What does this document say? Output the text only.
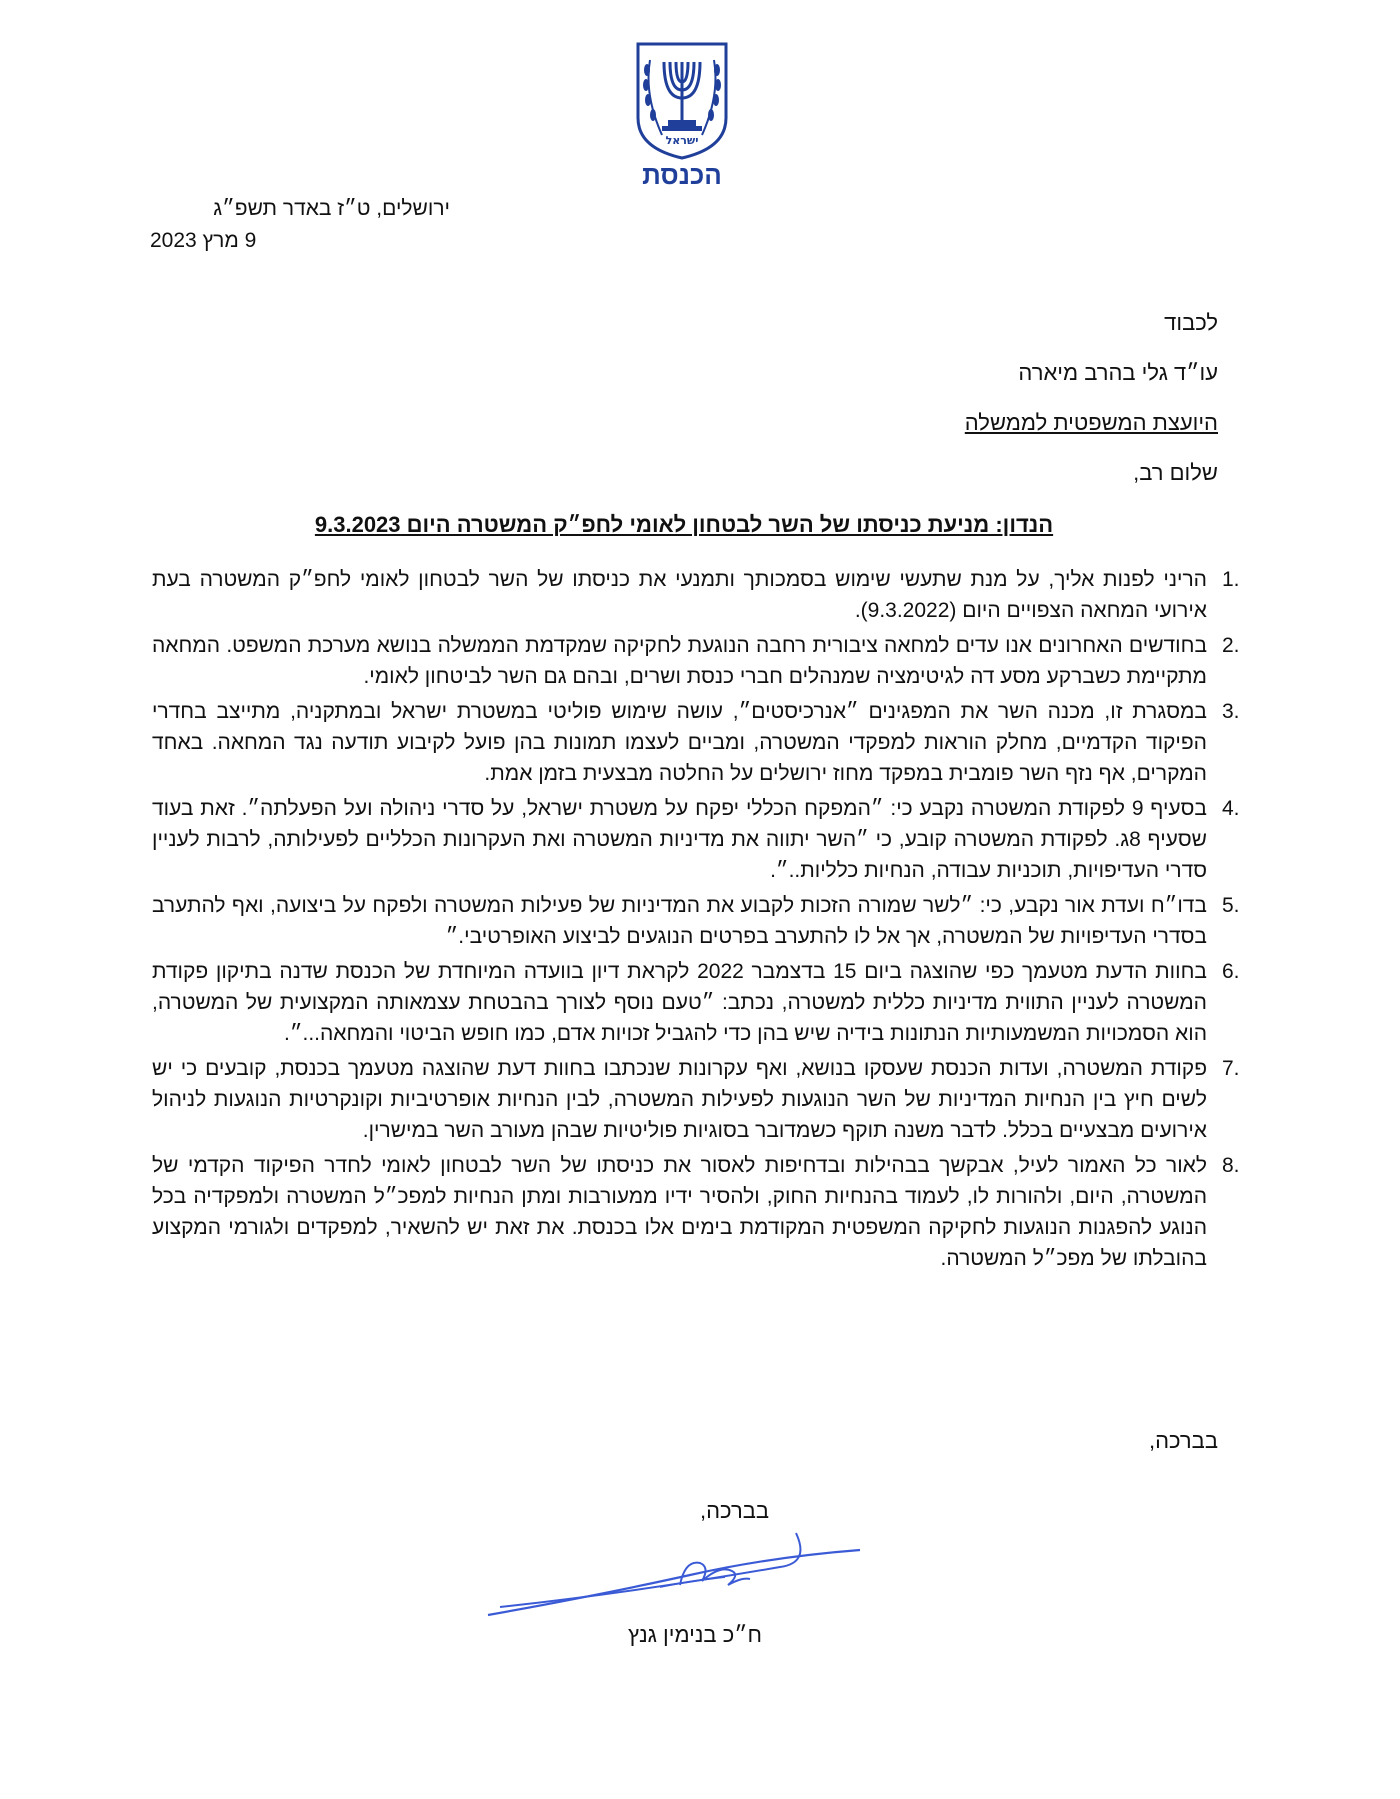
ישראל
הכנסת
ירושלים, ט״ז באדר תשפ״ג
9 מרץ 2023
לכבוד
עו״ד גלי בהרב מיארה
היועצת המשפטית לממשלה
שלום רב,
הנדון: מניעת כניסתו של השר לבטחון לאומי לחפ״ק המשטרה היום 9.3.2023
1.
הריני לפנות אליך, על מנת שתעשי שימוש בסמכותך ותמנעי את כניסתו של השר לבטחון לאומי לחפ״ק המשטרה בעת אירועי המחאה הצפויים היום (9.3.2022).
2.
בחודשים האחרונים אנו עדים למחאה ציבורית רחבה הנוגעת לחקיקה שמקדמת הממשלה בנושא מערכת המשפט. המחאה מתקיימת כשברקע מסע דה לגיטימציה שמנהלים חברי כנסת ושרים, ובהם גם השר לביטחון לאומי.
3.
במסגרת זו, מכנה השר את המפגינים ״אנרכיסטים״, עושה שימוש פוליטי במשטרת ישראל ובמתקניה, מתייצב בחדרי הפיקוד הקדמיים, מחלק הוראות למפקדי המשטרה, ומביים לעצמו תמונות בהן פועל לקיבוע תודעה נגד המחאה. באחד המקרים, אף נזף השר פומבית במפקד מחוז ירושלים על החלטה מבצעית בזמן אמת.
4.
בסעיף 9 לפקודת המשטרה נקבע כי: ״המפקח הכללי יפקח על משטרת ישראל, על סדרי ניהולה ועל הפעלתה״. זאת בעוד שסעיף 8ג. לפקודת המשטרה קובע, כי ״השר יתווה את מדיניות המשטרה ואת העקרונות הכלליים לפעילותה, לרבות לעניין סדרי העדיפויות, תוכניות עבודה, הנחיות כלליות..״.
5.
בדו״ח ועדת אור נקבע, כי: ״לשר שמורה הזכות לקבוע את המדיניות של פעילות המשטרה ולפקח על ביצועה, ואף להתערב בסדרי העדיפויות של המשטרה, אך אל לו להתערב בפרטים הנוגעים לביצוע האופרטיבי.״
6.
בחוות הדעת מטעמך כפי שהוצגה ביום 15 בדצמבר 2022 לקראת דיון בוועדה המיוחדת של הכנסת שדנה בתיקון פקודת המשטרה לעניין התווית מדיניות כללית למשטרה, נכתב: ״טעם נוסף לצורך בהבטחת עצמאותה המקצועית של המשטרה, הוא הסמכויות המשמעותיות הנתונות בידיה שיש בהן כדי להגביל זכויות אדם, כמו חופש הביטוי והמחאה...״.
7.
פקודת המשטרה, ועדות הכנסת שעסקו בנושא, ואף עקרונות שנכתבו בחוות דעת שהוצגה מטעמך בכנסת, קובעים כי יש לשים חיץ בין הנחיות המדיניות של השר הנוגעות לפעילות המשטרה, לבין הנחיות אופרטיביות וקונקרטיות הנוגעות לניהול אירועים מבצעיים בכלל. לדבר משנה תוקף כשמדובר בסוגיות פוליטיות שבהן מעורב השר במישרין.
8.
לאור כל האמור לעיל, אבקשך בבהילות ובדחיפות לאסור את כניסתו של השר לבטחון לאומי לחדר הפיקוד הקדמי של המשטרה, היום, ולהורות לו, לעמוד בהנחיות החוק, ולהסיר ידיו ממעורבות ומתן הנחיות למפכ״ל המשטרה ולמפקדיה בכל הנוגע להפגנות הנוגעות לחקיקה המשפטית המקודמת בימים אלו בכנסת. את זאת יש להשאיר, למפקדים ולגורמי המקצוע בהובלתו של מפכ״ל המשטרה.
בברכה,
בברכה,
ח״כ בנימין גנץ
